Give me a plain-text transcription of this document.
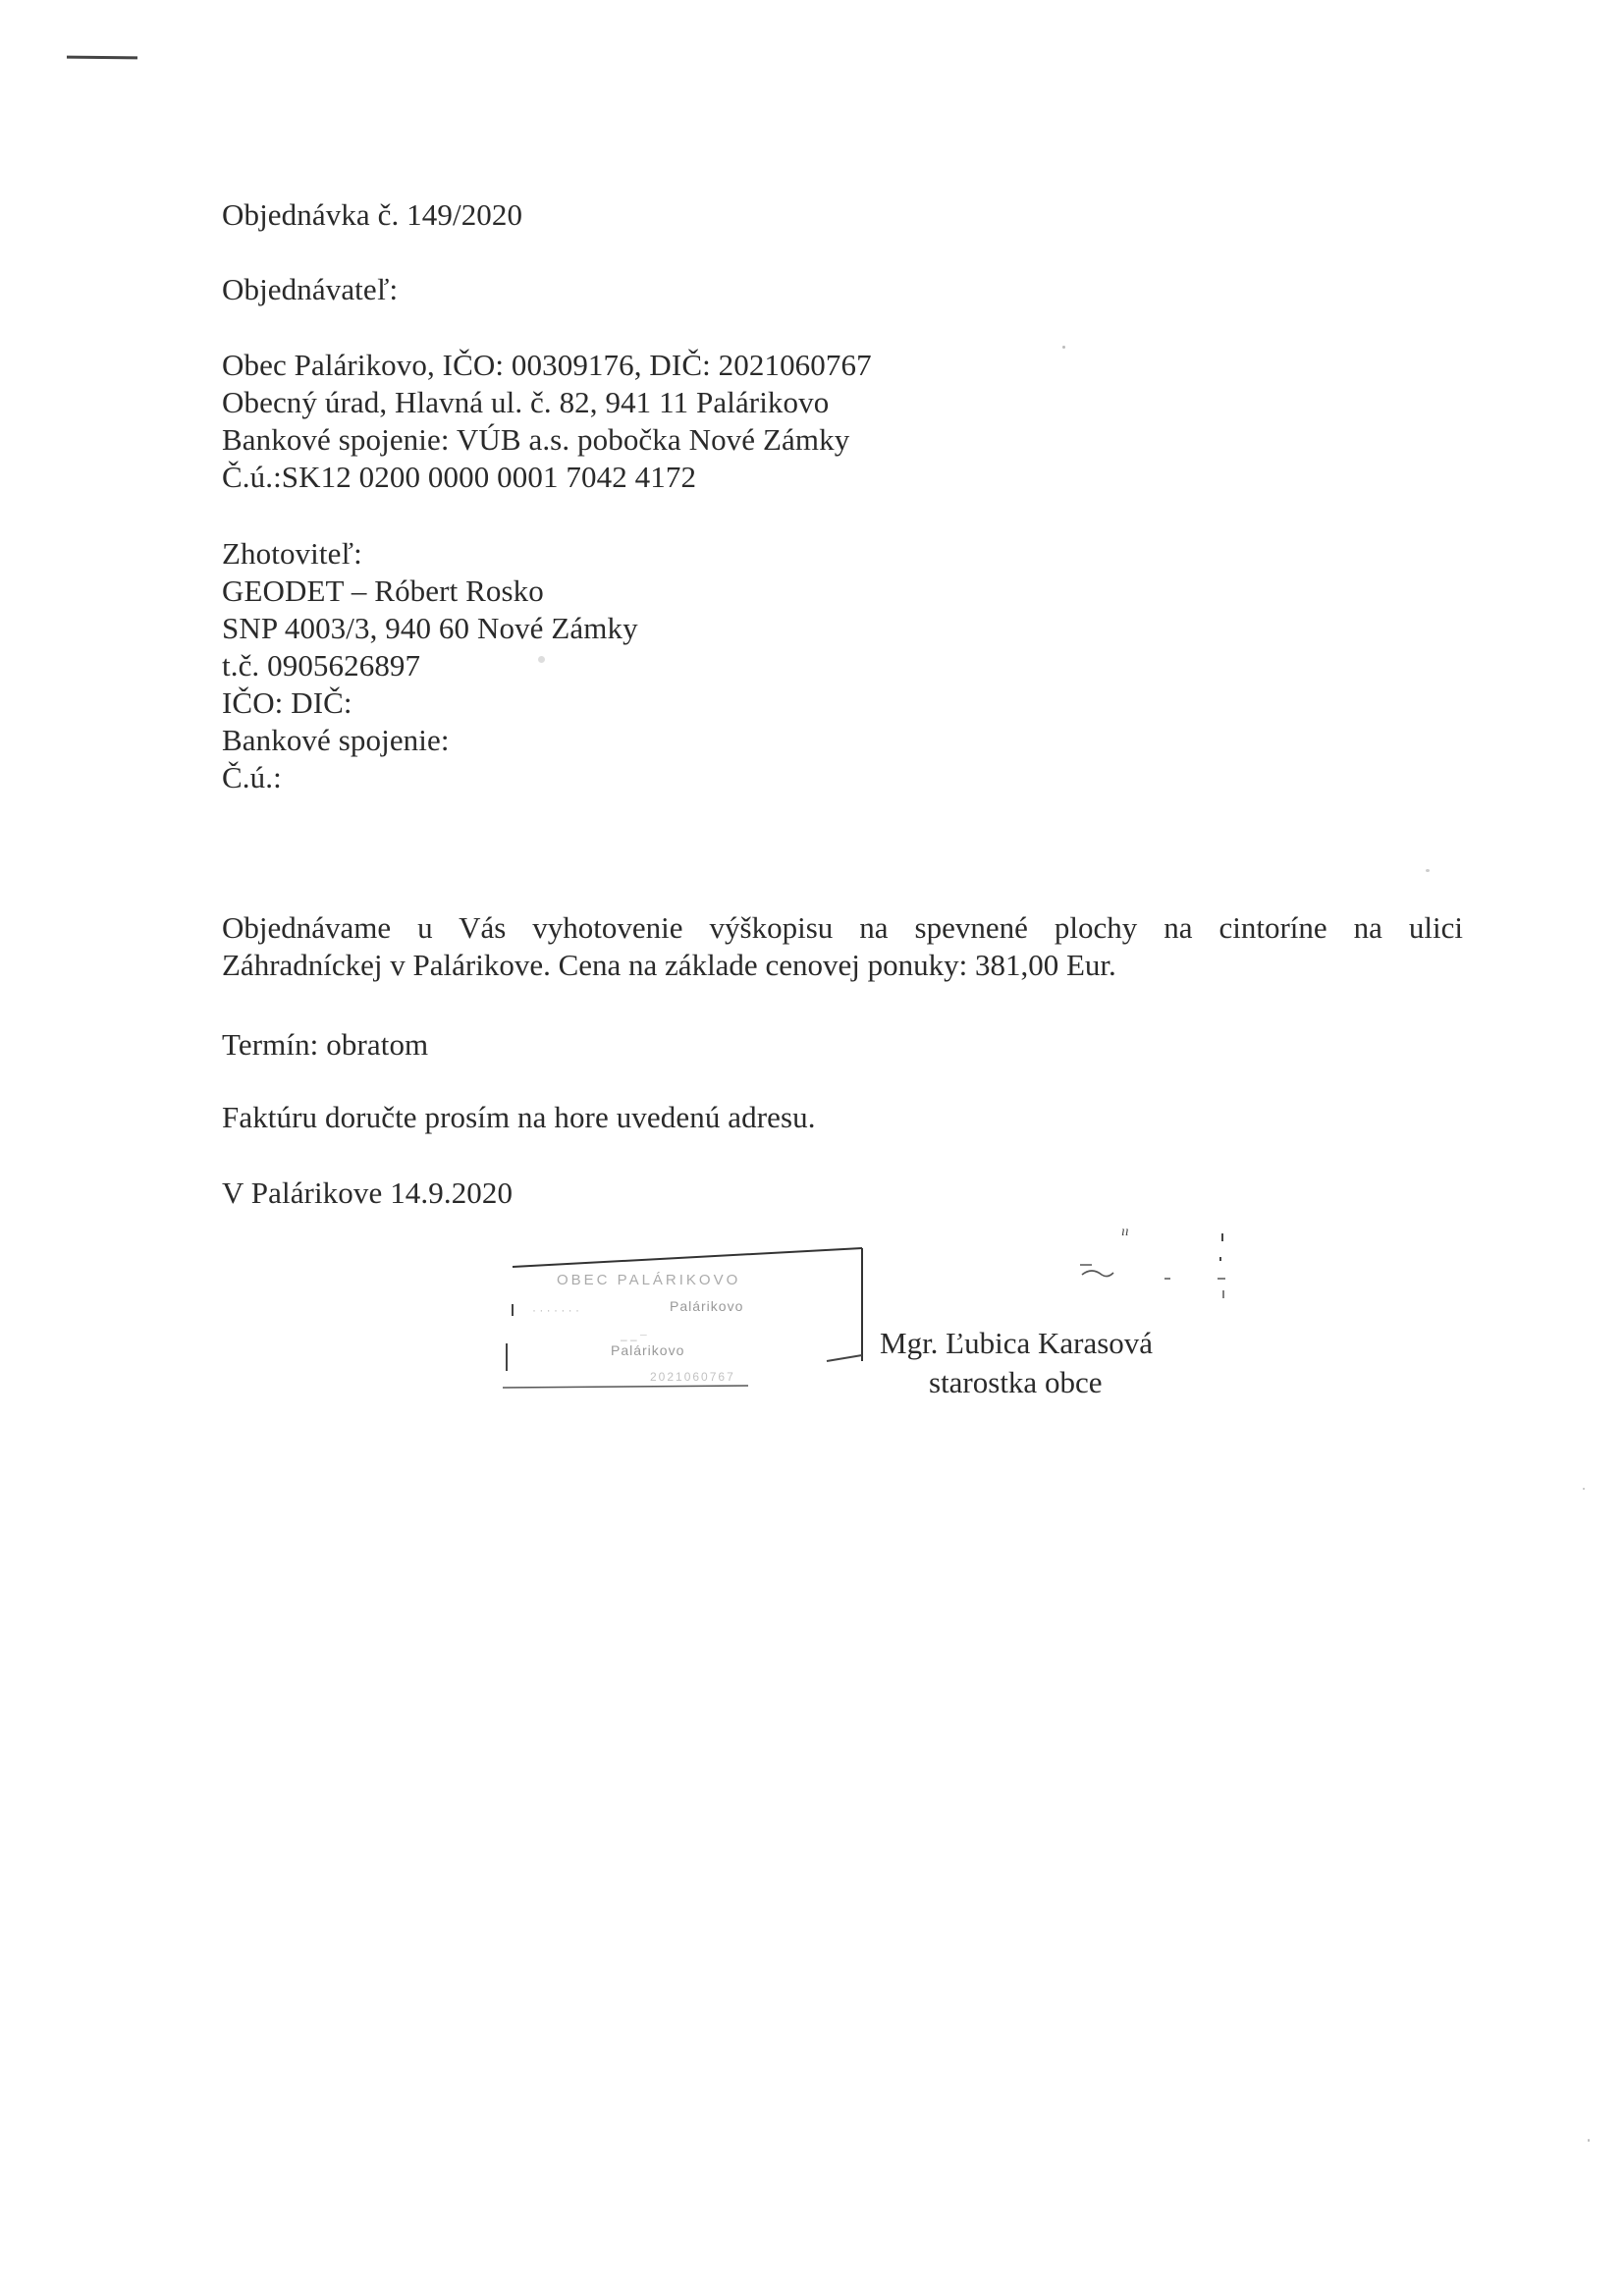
Objednávka č. 149/2020
Objednávateľ:
Obec Palárikovo, IČO: 00309176, DIČ: 2021060767
Obecný úrad, Hlavná ul. č. 82, 941 11 Palárikovo
Bankové spojenie: VÚB a.s. pobočka Nové Zámky
Č.ú.:SK12 0200 0000 0001 7042 4172
Zhotoviteľ:
GEODET – Róbert Rosko
SNP 4003/3, 940 60 Nové Zámky
t.č. 0905626897
IČO: DIČ:
Bankové spojenie:
Č.ú.:
Objednávame u Vás vyhotovenie výškopisu na spevnené plochy na cintoríne na ulici
Záhradníckej v Palárikove. Cena na základe cenovej ponuky: 381,00 Eur.
Termín: obratom
Faktúru doručte prosím na hore uvedenú adresu.
V Palárikove 14.9.2020
OBEC PALÁRIKOVO
Palárikovo
Palárikovo
2021060767
· · · · · · ·
‒ ‒ ¯
ıı
Mgr. Ľubica Karasová
starostka obce
